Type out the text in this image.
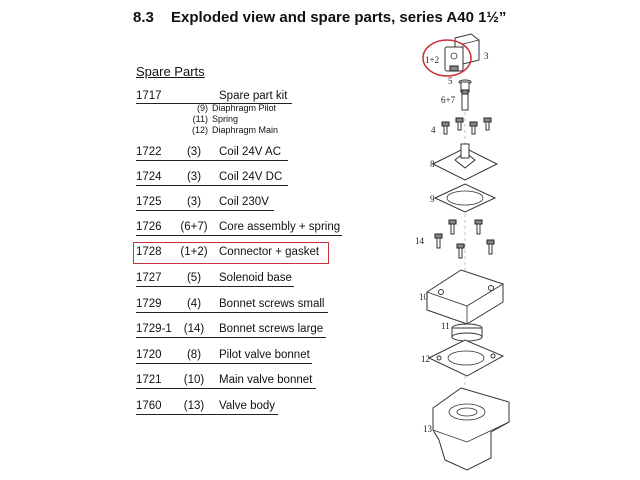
8.3 Exploded view and spare parts, series A40 1½”
Spare Parts
1717	Spare part kit
(9) Diaphragm Pilot
(11) Spring
(12) Diaphragm Main
1722	(3)	Coil 24V AC
1724	(3)	Coil 24V DC
1725	(3)	Coil 230V
1726 (6+7) Core assembly + spring
1728 (1+2) Connector + gasket
1727	(5)	Solenoid base
1729	(4)	Bonnet screws small
1729-1	(14)	Bonnet screws large
1720	(8)	Pilot valve bonnet
1721	(10)	Main valve bonnet
1760	(13)	Valve body
1+2	3
5
6+7
4
8
9
14
10
11
12
13
